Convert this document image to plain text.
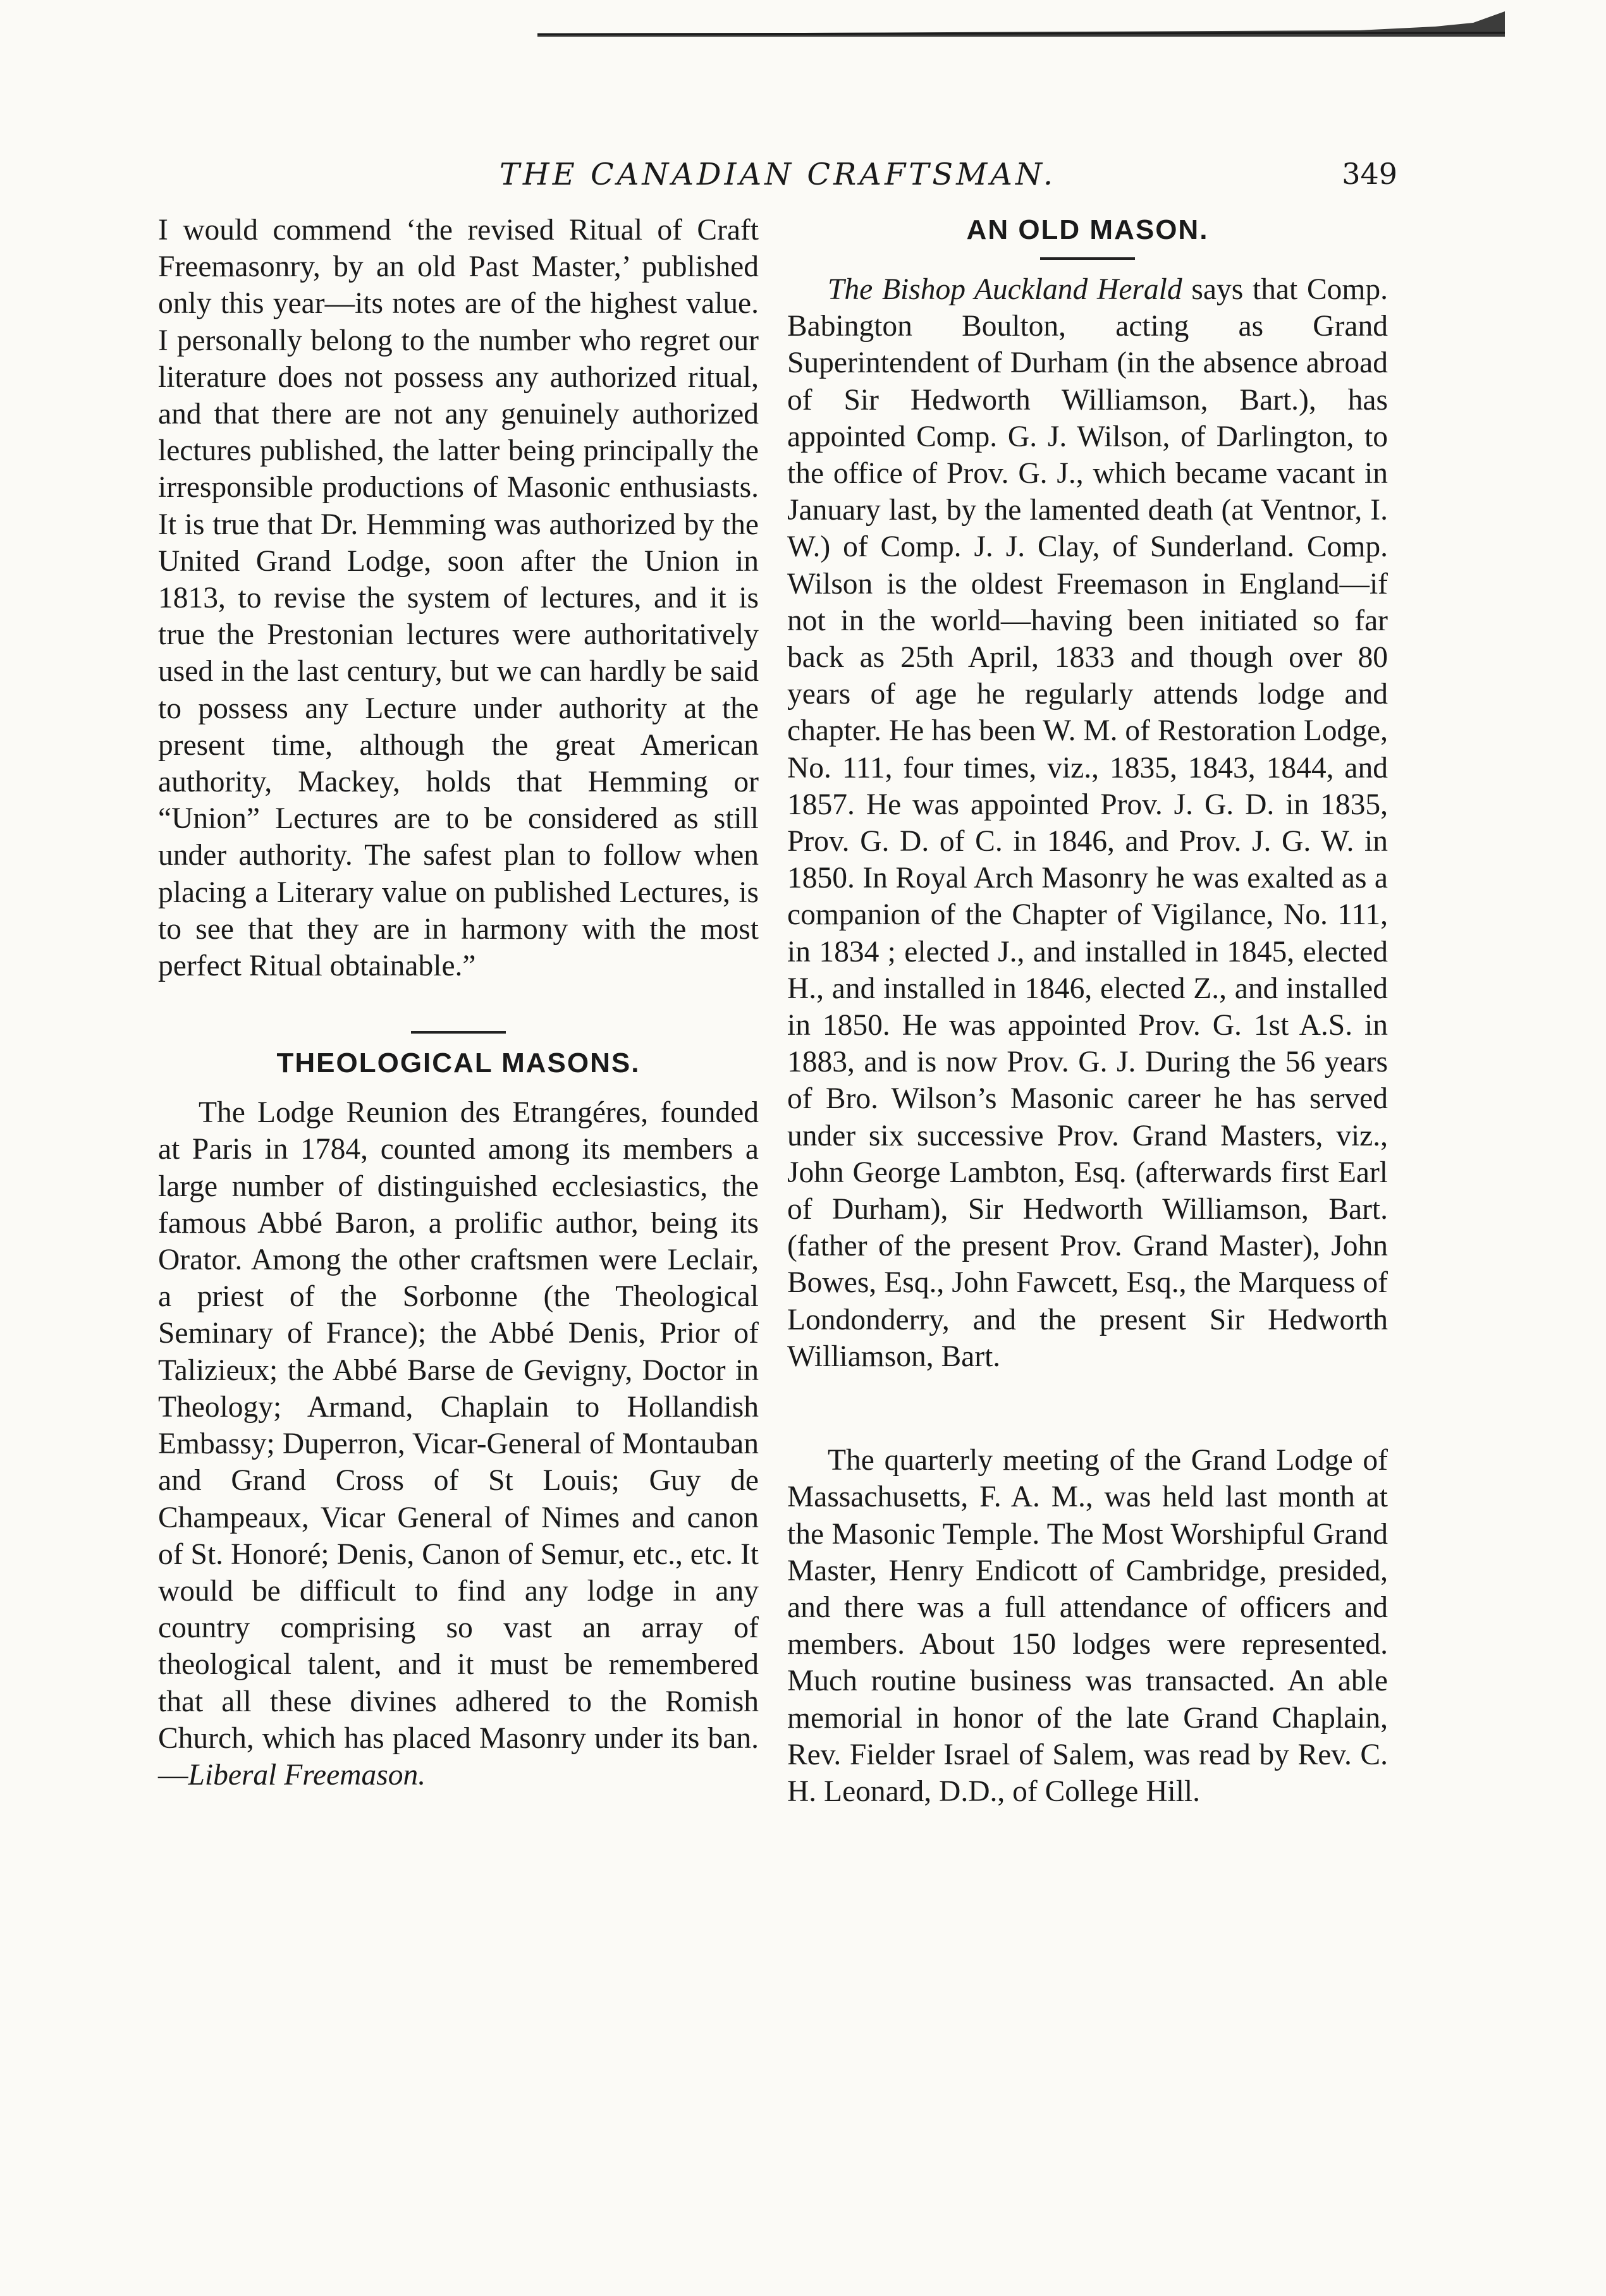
THE CANADIAN CRAFTSMAN.	349

I would commend ‘the revised Ritual of Craft Freemasonry, by an old Past Master,’ published only this year—its notes are of the highest value. I personally belong to the number who regret our literature does not possess any authorized ritual, and that there are not any genuinely authorized lectures published, the latter being principally the irresponsible productions of Masonic enthusiasts. It is true that Dr. Hemming was authorized by the United Grand Lodge, soon after the Union in 1813, to revise the system of lectures, and it is true the Prestonian lectures were authoritatively used in the last century, but we can hardly be said to possess any Lecture under authority at the present time, although the great American authority, Mackey, holds that Hemming or “Union” Lectures are to be considered as still under authority. The safest plan to follow when placing a Literary value on published Lectures, is to see that they are in harmony with the most perfect Ritual obtainable.”

THEOLOGICAL MASONS.

The Lodge Reunion des Etrangéres, founded at Paris in 1784, counted among its members a large number of distinguished ecclesiastics, the famous Abbé Baron, a prolific author, being its Orator. Among the other craftsmen were Leclair, a priest of the Sorbonne (the Theological Seminary of France); the Abbé Denis, Prior of Talizieux; the Abbé Barse de Gevigny, Doctor in Theology; Armand, Chaplain to Hollandish Embassy; Duperron, Vicar-General of Montauban and Grand Cross of St Louis; Guy de Champeaux, Vicar General of Nimes and canon of St. Honoré; Denis, Canon of Semur, etc., etc. It would be difficult to find any lodge in any country comprising so vast an array of theological talent, and it must be remembered that all these divines adhered to the Romish Church, which has placed Masonry under its ban.—Liberal Freemason.

AN OLD MASON.

The Bishop Auckland Herald says that Comp. Babington Boulton, acting as Grand Superintendent of Durham (in the absence abroad of Sir Hedworth Williamson, Bart.), has appointed Comp. G. J. Wilson, of Darlington, to the office of Prov. G. J., which became vacant in January last, by the lamented death (at Ventnor, I. W.) of Comp. J. J. Clay, of Sunderland. Comp. Wilson is the oldest Freemason in England—if not in the world—having been initiated so far back as 25th April, 1833 and though over 80 years of age he regularly attends lodge and chapter. He has been W. M. of Restoration Lodge, No. 111, four times, viz., 1835, 1843, 1844, and 1857. He was appointed Prov. J. G. D. in 1835, Prov. G. D. of C. in 1846, and Prov. J. G. W. in 1850. In Royal Arch Masonry he was exalted as a companion of the Chapter of Vigilance, No. 111, in 1834 ; elected J., and installed in 1845, elected H., and installed in 1846, elected Z., and installed in 1850. He was appointed Prov. G. 1st A.S. in 1883, and is now Prov. G. J. During the 56 years of Bro. Wilson’s Masonic career he has served under six successive Prov. Grand Masters, viz., John George Lambton, Esq. (afterwards first Earl of Durham), Sir Hedworth Williamson, Bart. (father of the present Prov. Grand Master), John Bowes, Esq., John Fawcett, Esq., the Marquess of Londonderry, and the present Sir Hedworth Williamson, Bart.

The quarterly meeting of the Grand Lodge of Massachusetts, F. A. M., was held last month at the Masonic Temple. The Most Worshipful Grand Master, Henry Endicott of Cambridge, presided, and there was a full attendance of officers and members. About 150 lodges were represented. Much routine business was transacted. An able memorial in honor of the late Grand Chaplain, Rev. Fielder Israel of Salem, was read by Rev. C. H. Leonard, D.D., of College Hill.
